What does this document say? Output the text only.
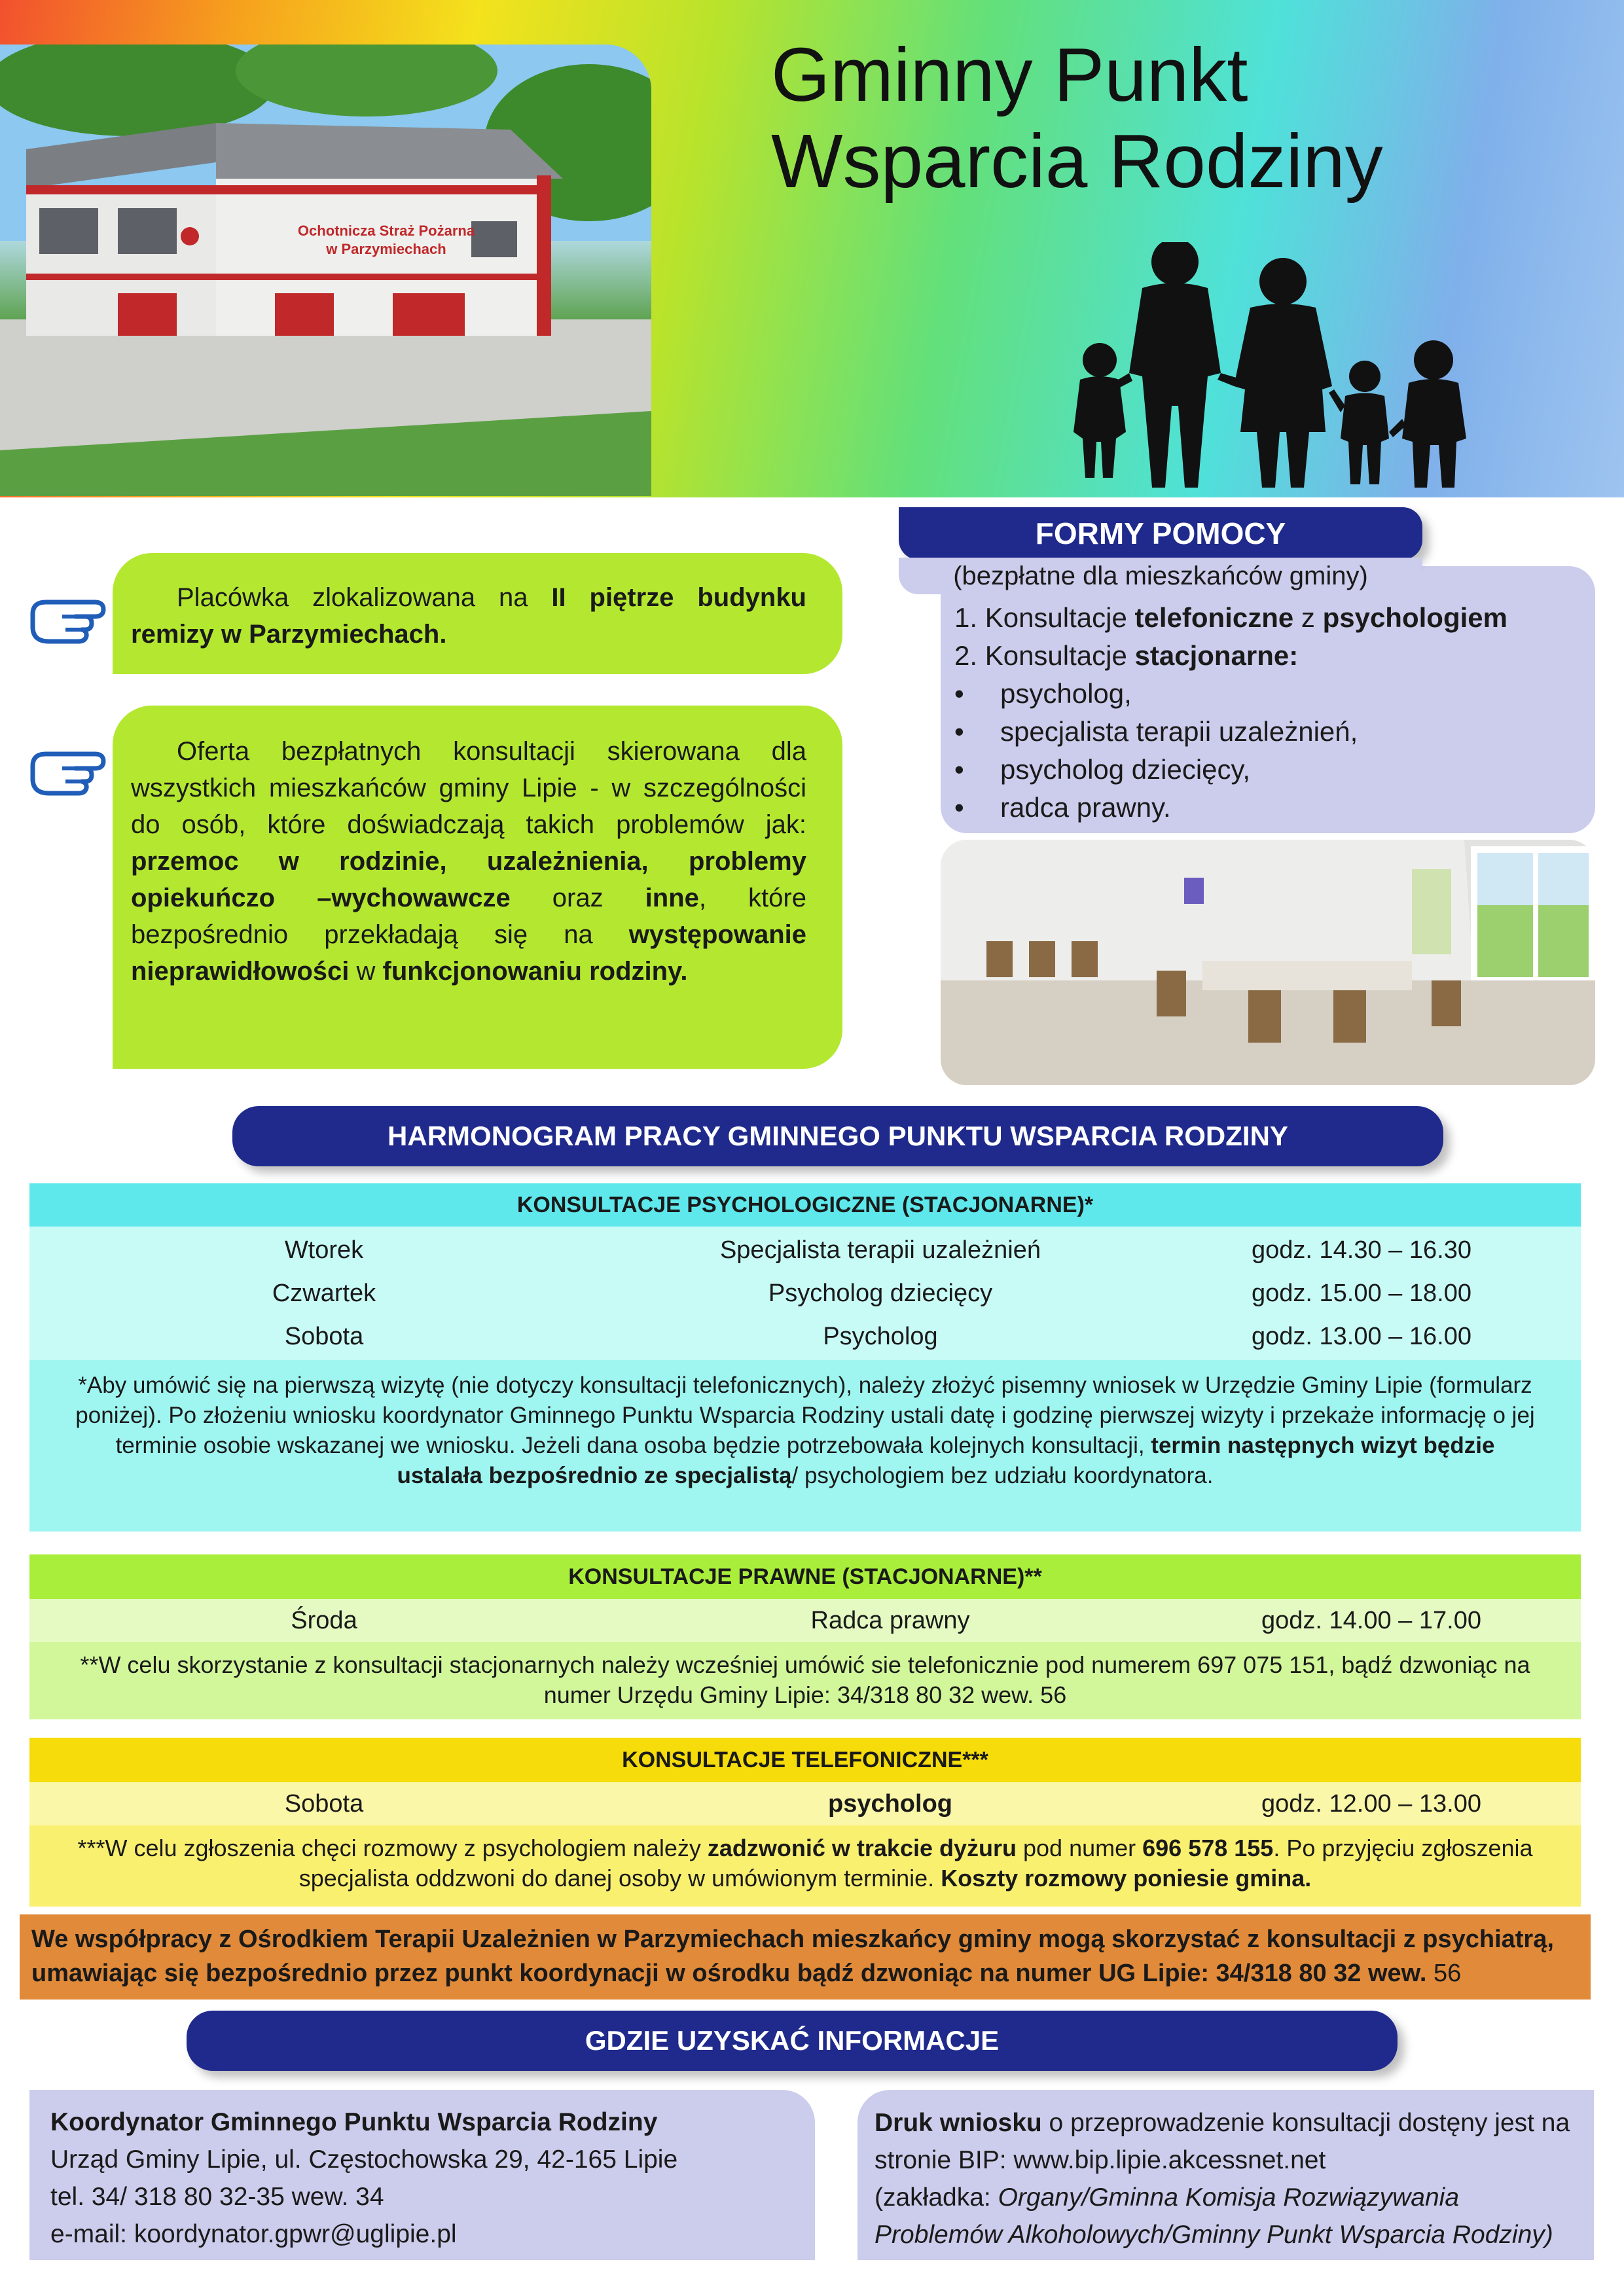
Ochotnicza Straż Pożarna
w Parzymiechach
Gminny Punkt
Wsparcia Rodziny
Placówka zlokalizowana na II piętrze budynku remizy w Parzymiechach.
Oferta bezpłatnych konsultacji skierowana dla wszystkich mieszkańców gminy Lipie - w szczególności do osób, które doświadczają takich problemów jak: przemoc w rodzinie, uzależnienia, problemy opiekuńczo –wychowawcze oraz inne, które bezpośrednio przekładają się na występowanie nieprawidłowości w funkcjonowaniu rodziny.
FORMY POMOCY
(bezpłatne dla mieszkańców gminy)
1. Konsultacje telefoniczne z psychologiem
2. Konsultacje stacjonarne:
• psycholog,
• specjalista terapii uzależnień,
• psycholog dziecięcy,
• radca prawny.
HARMONOGRAM PRACY GMINNEGO PUNKTU WSPARCIA RODZINY
KONSULTACJE PSYCHOLOGICZNE (STACJONARNE)*
Wtorek	Specjalista terapii uzależnień	godz. 14.30 – 16.30
Czwartek	Psycholog dziecięcy	godz. 15.00 – 18.00
Sobota	Psycholog	godz. 13.00 – 16.00
*Aby umówić się na pierwszą wizytę (nie dotyczy konsultacji telefonicznych), należy złożyć pisemny wniosek w Urzędzie Gminy Lipie (formularz poniżej). Po złożeniu wniosku koordynator Gminnego Punktu Wsparcia Rodziny ustali datę i godzinę pierwszej wizyty i przekaże informację o jej terminie osobie wskazanej we wniosku. Jeżeli dana osoba będzie potrzebowała kolejnych konsultacji, termin następnych wizyt będzie ustalała bezpośrednio ze specjalistą/ psychologiem bez udziału koordynatora.
KONSULTACJE PRAWNE (STACJONARNE)**
Środa	Radca prawny	godz. 14.00 – 17.00
**W celu skorzystanie z konsultacji stacjonarnych należy wcześniej umówić sie telefonicznie pod numerem 697 075 151, bądź dzwoniąc na numer Urzędu Gminy Lipie: 34/318 80 32 wew. 56
KONSULTACJE TELEFONICZNE***
Sobota	psycholog	godz. 12.00 – 13.00
***W celu zgłoszenia chęci rozmowy z psychologiem należy zadzwonić w trakcie dyżuru pod numer 696 578 155. Po przyjęciu zgłoszenia specjalista oddzwoni do danej osoby w umówionym terminie. Koszty rozmowy poniesie gmina.
We współpracy z Ośrodkiem Terapii Uzależnien w Parzymiechach mieszkańcy gminy mogą skorzystać z konsultacji z psychiatrą, umawiając się bezpośrednio przez punkt koordynacji w ośrodku bądź dzwoniąc na numer UG Lipie: 34/318 80 32 wew. 56
GDZIE UZYSKAĆ INFORMACJE
Koordynator Gminnego Punktu Wsparcia Rodziny
Urząd Gminy Lipie, ul. Częstochowska 29, 42-165 Lipie
tel. 34/ 318 80 32-35 wew. 34
e-mail: koordynator.gpwr@uglipie.pl
Druk wniosku o przeprowadzenie konsultacji dostęny jest na stronie BIP: www.bip.lipie.akcessnet.net
(zakładka: Organy/Gminna Komisja Rozwiązywania Problemów Alkoholowych/Gminny Punkt Wsparcia Rodziny)
